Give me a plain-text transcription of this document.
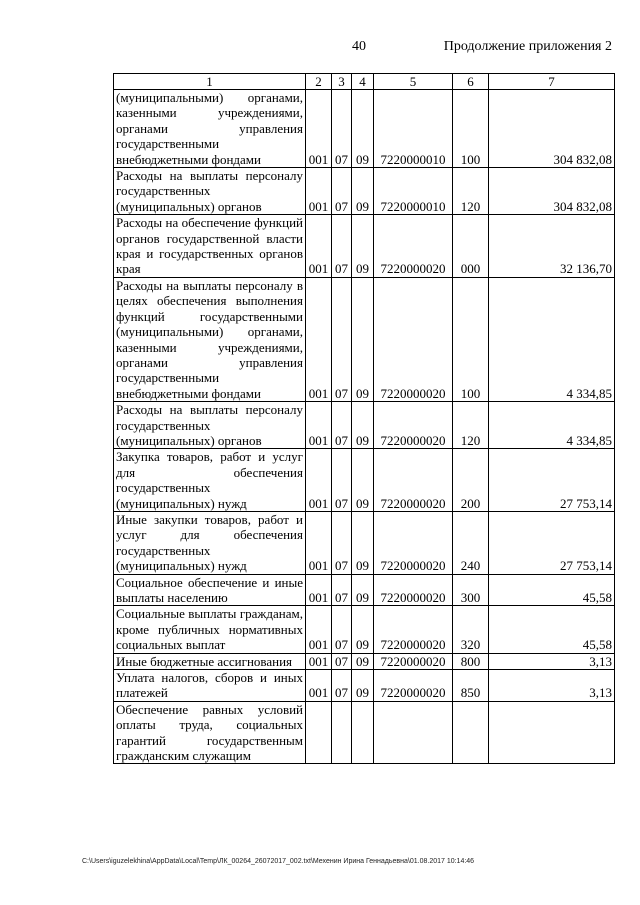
40	Продолжение приложения 2
1	2	3	4	5	6	7

(муниципальными) органами, казенными учреждениями, органами управления государственными внебюджетными фондами	001	07	09	7220000010	100	304 832,08

Расходы на выплаты персоналу государственных (муниципальных) органов	001	07	09	7220000010	120	304 832,08

Расходы на обеспечение функций органов государственной власти края и государственных органов края	001	07	09	7220000020	000	32 136,70

Расходы на выплаты персоналу в целях обеспечения выполнения функций государственными (муниципальными) органами, казенными учреждениями, органами управления государственными внебюджетными фондами	001	07	09	7220000020	100	4 334,85

Расходы на выплаты персоналу государственных (муниципальных) органов	001	07	09	7220000020	120	4 334,85

Закупка товаров, работ и услуг для обеспечения государственных (муниципальных) нужд	001	07	09	7220000020	200	27 753,14

Иные закупки товаров, работ и услуг для обеспечения государственных (муниципальных) нужд	001	07	09	7220000020	240	27 753,14

Социальное обеспечение и иные выплаты населению	001	07	09	7220000020	300	45,58

Социальные выплаты гражданам, кроме публичных нормативных социальных выплат	001	07	09	7220000020	320	45,58

Иные бюджетные ассигнования	001	07	09	7220000020	800	3,13

Уплата налогов, сборов и иных платежей	001	07	09	7220000020	850	3,13

Обеспечение равных условий оплаты труда, социальных гарантий государственным гражданским служащим						

C:\Users\iguzelekhina\AppData\Local\Temp\ЛК_00264_26072017_002.txt\Мехенин Ирина Геннадьевна\01.08.2017 10:14:46
